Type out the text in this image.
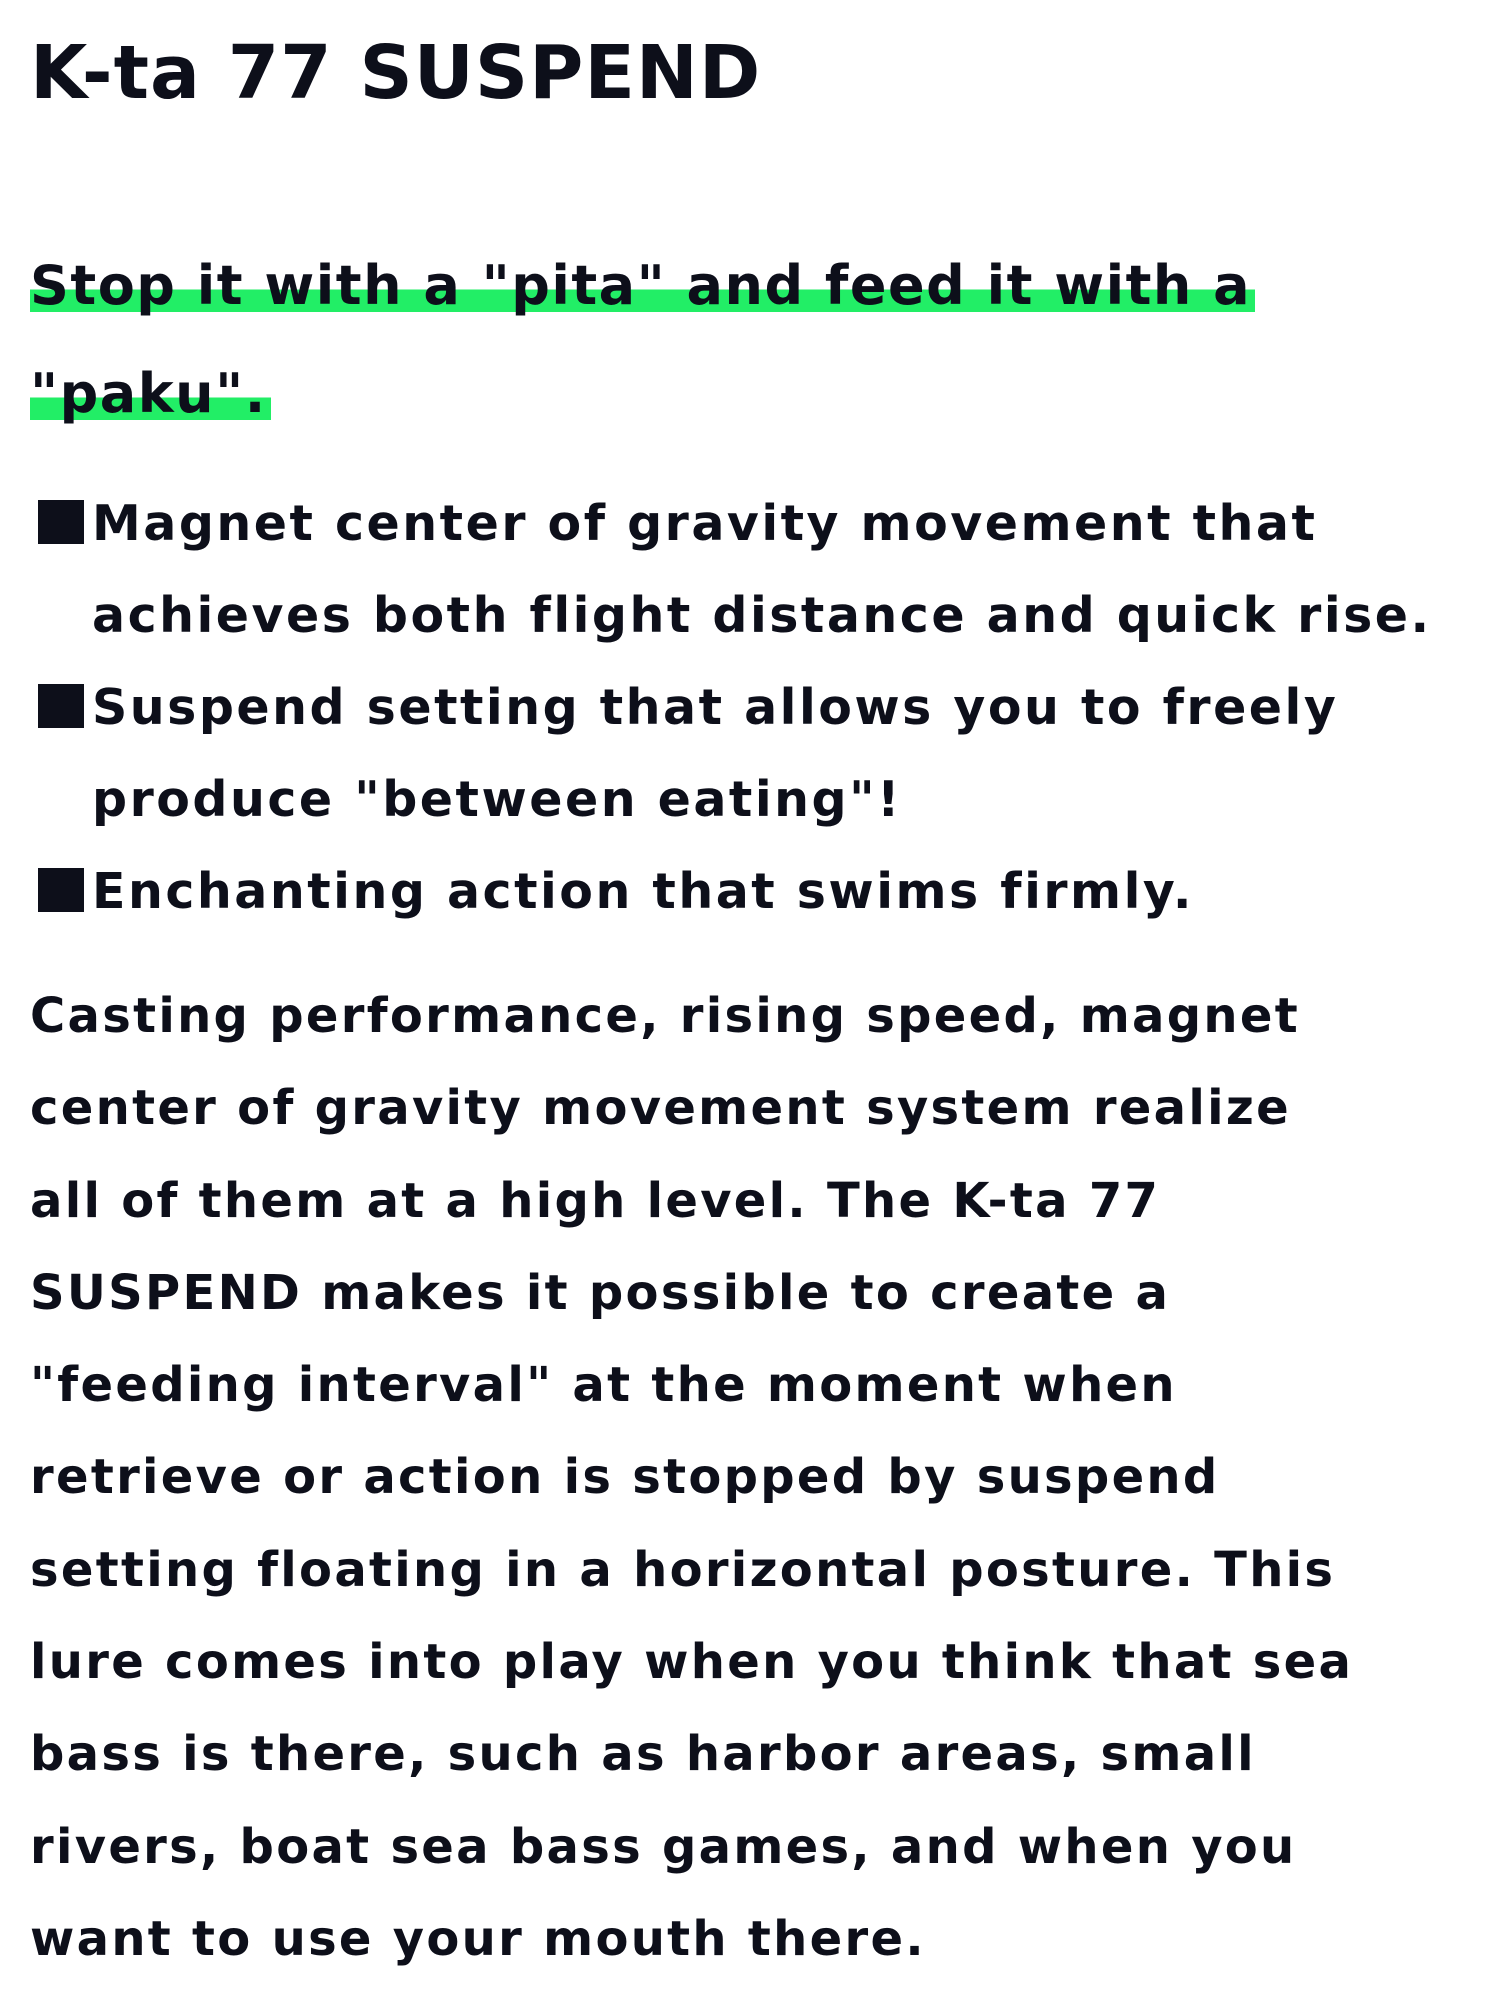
K-ta 77 SUSPEND

Stop it with a "pita" and feed it with a
"paku".

Magnet center of gravity movement that
achieves both flight distance and quick rise.
Suspend setting that allows you to freely
produce "between eating"!
Enchanting action that swims firmly.

Casting performance, rising speed, magnet
center of gravity movement system realize
all of them at a high level. The K-ta 77
SUSPEND makes it possible to create a
"feeding interval" at the moment when
retrieve or action is stopped by suspend
setting floating in a horizontal posture. This
lure comes into play when you think that sea
bass is there, such as harbor areas, small
rivers, boat sea bass games, and when you
want to use your mouth there.
